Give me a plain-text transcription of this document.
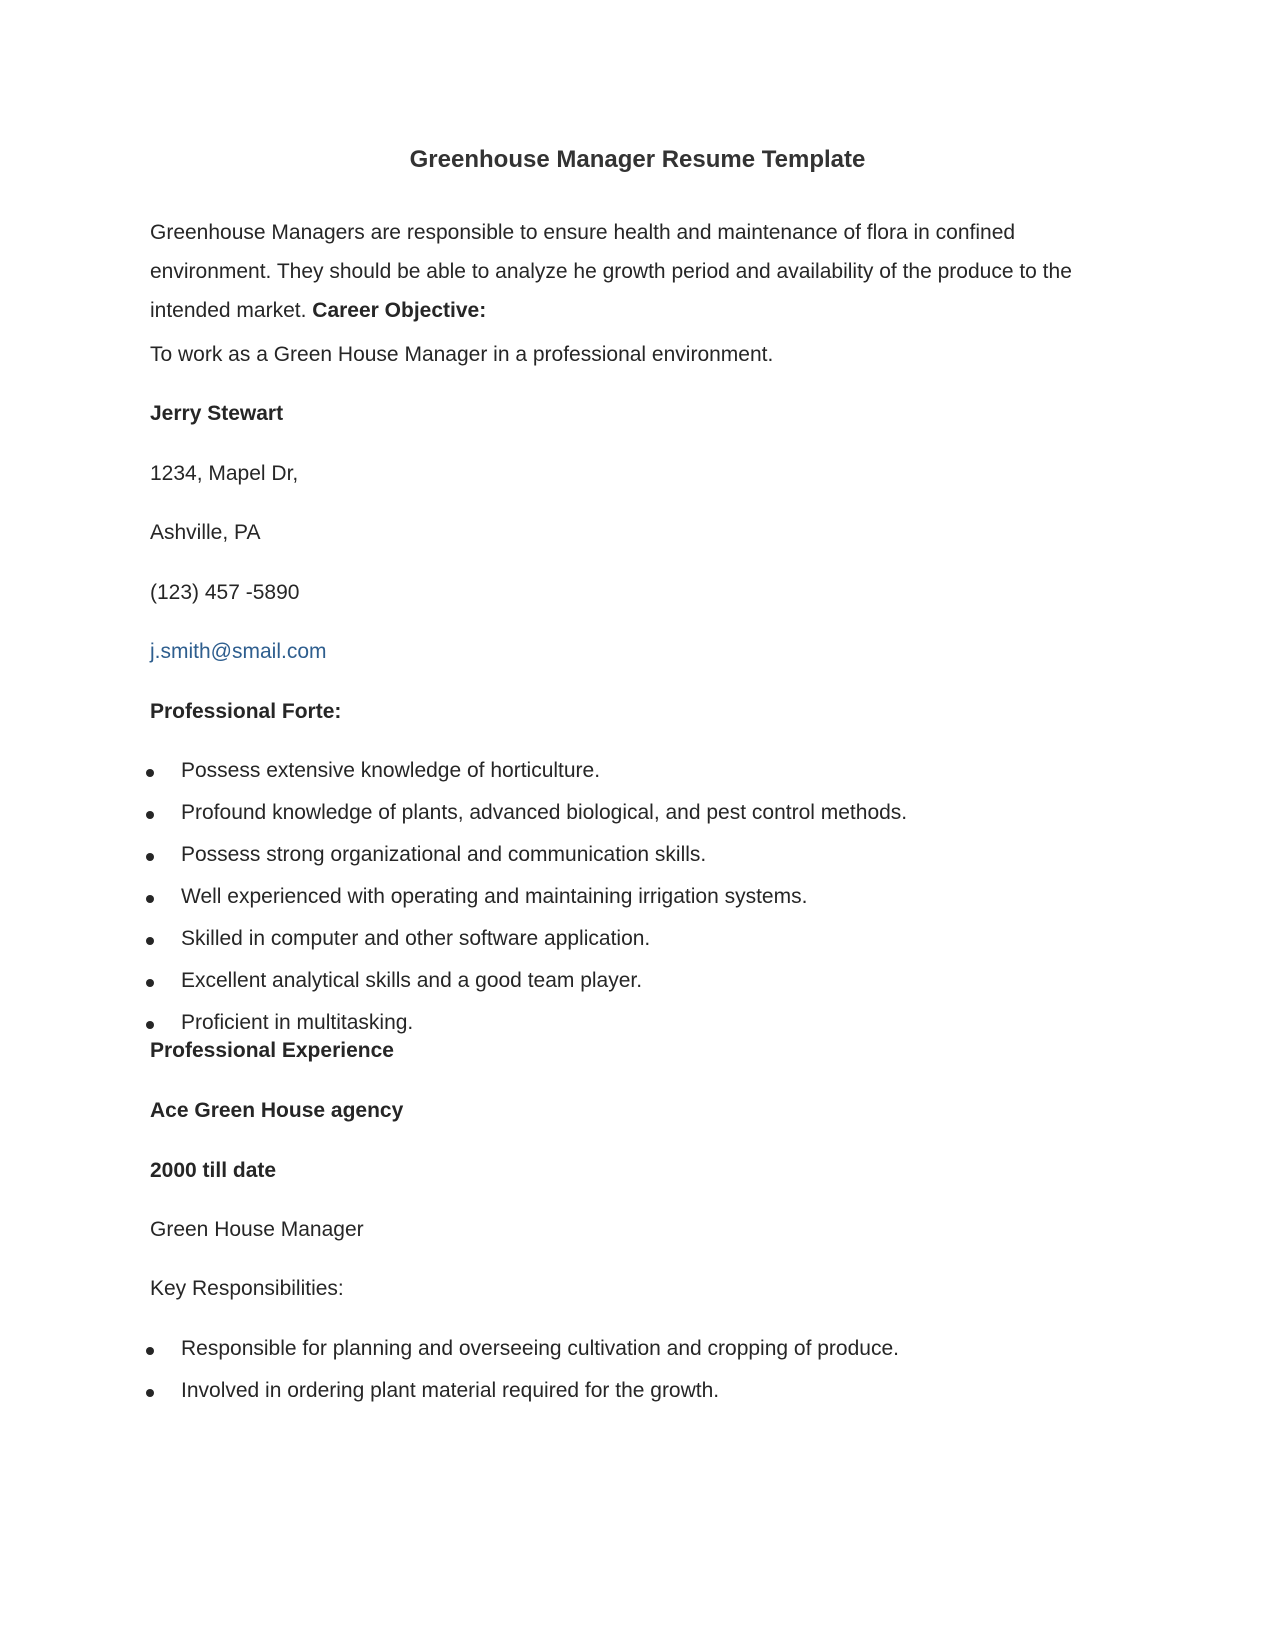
Greenhouse Manager Resume Template
Greenhouse Managers are responsible to ensure health and maintenance of flora in confined environment. They should be able to analyze he growth period and availability of the produce to the intended market. Career Objective:
To work as a Green House Manager in a professional environment.
Jerry Stewart
1234, Mapel Dr,
Ashville, PA
(123) 457 -5890
j.smith@smail.com
Professional Forte:
Possess extensive knowledge of horticulture.
Profound knowledge of plants, advanced biological, and pest control methods.
Possess strong organizational and communication skills.
Well experienced with operating and maintaining irrigation systems.
Skilled in computer and other software application.
Excellent analytical skills and a good team player.
Proficient in multitasking.
Professional Experience
Ace Green House agency
2000 till date
Green House Manager
Key Responsibilities:
Responsible for planning and overseeing cultivation and cropping of produce.
Involved in ordering plant material required for the growth.
